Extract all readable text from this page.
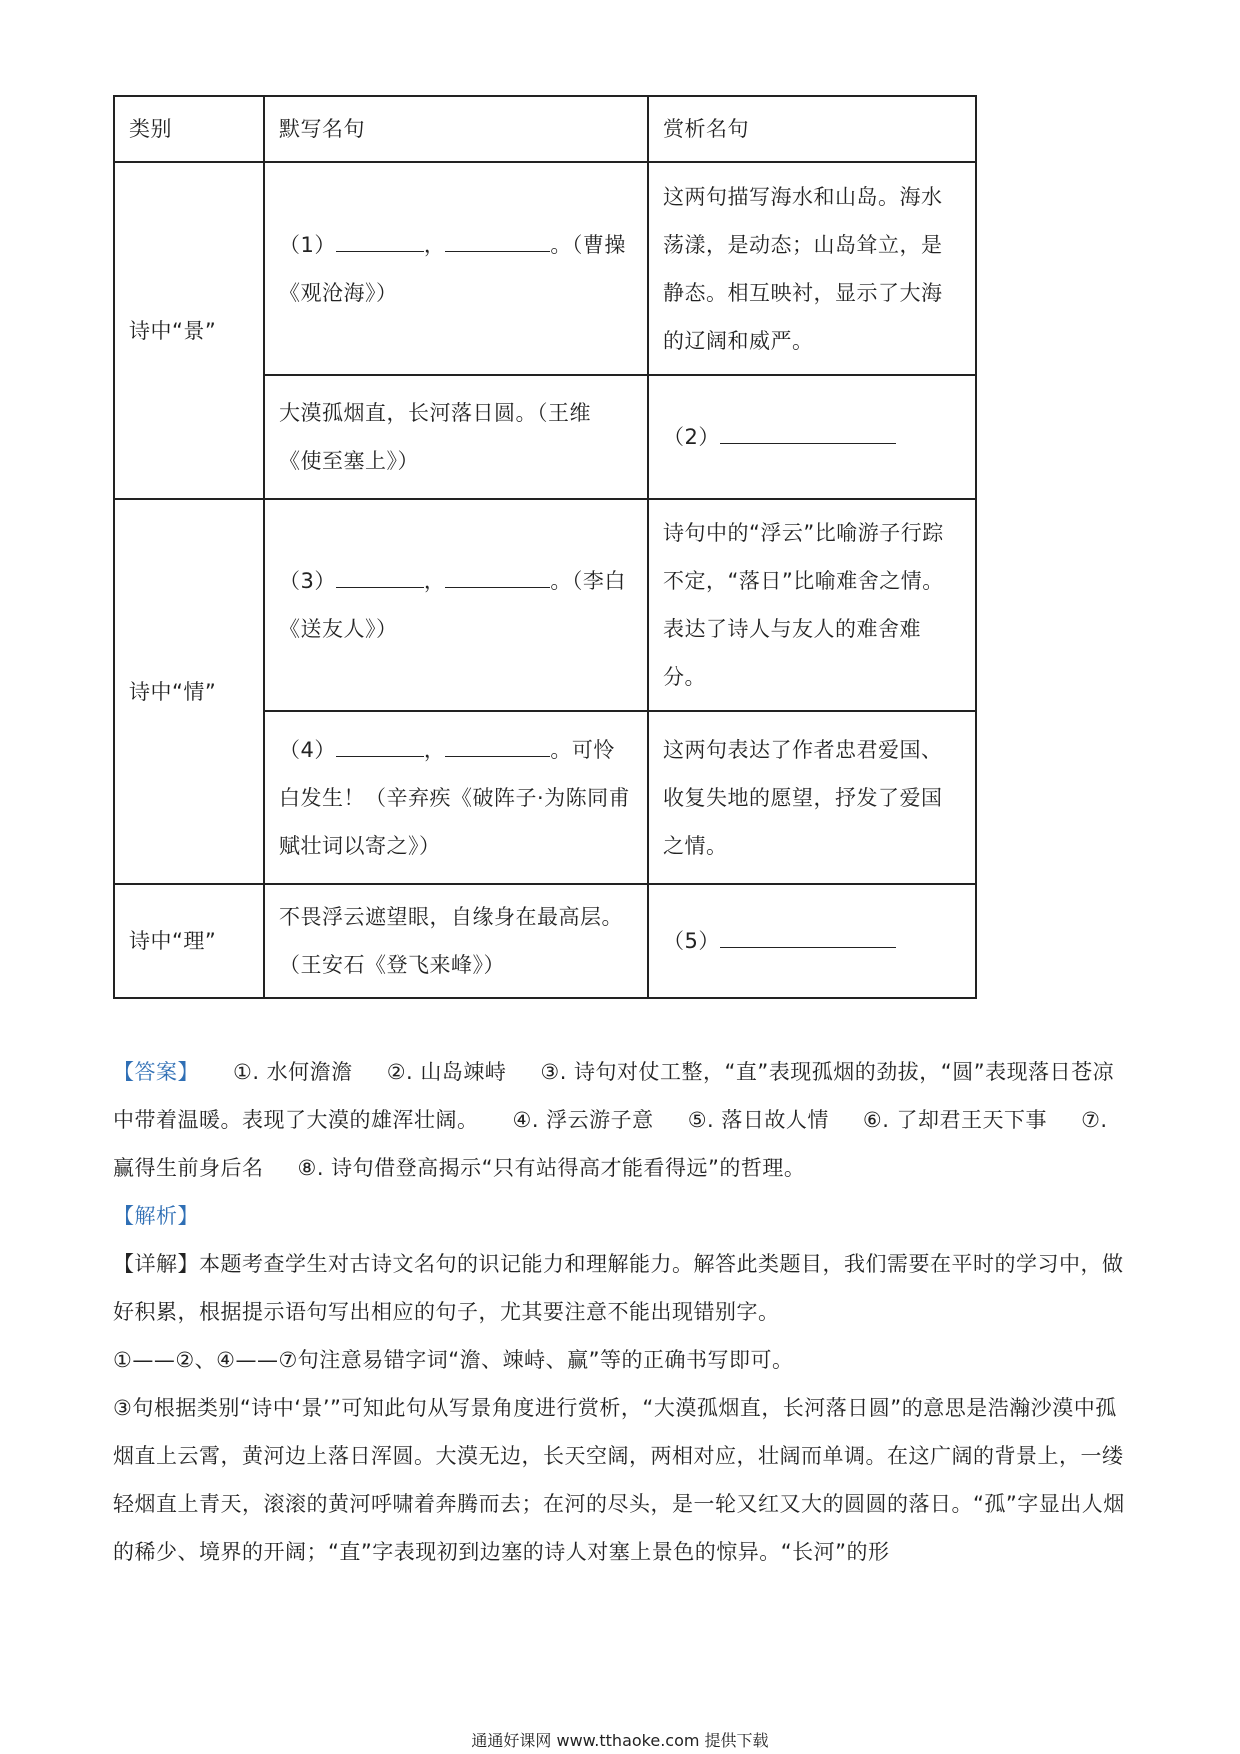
类别	默写名句	赏析名句
诗中“景”	（1） ， 。（曹操《观沧海》）	这两句描写海水和山岛。海水荡漾，是动态；山岛耸立，是静态。相互映衬，显示了大海的辽阔和威严。
	大漠孤烟直，长河落日圆。（王维《使至塞上》）	（2）
诗中“情”	（3） ， 。（李白《送友人》）	诗句中的“浮云”比喻游子行踪不定，“落日”比喻难舍之情。表达了诗人与友人的难舍难分。
	（4） ， 。可怜白发生！（辛弃疾《破阵子·为陈同甫赋壮词以寄之》）	这两句表达了作者忠君爱国、收复失地的愿望，抒发了爱国之情。
诗中“理”	不畏浮云遮望眼，自缘身在最高层。（王安石《登飞来峰》）	（5）

【答案】 ①. 水何澹澹 ②. 山岛竦峙 ③. 诗句对仗工整，“直”表现孤烟的劲拔，“圆”表现落日苍凉中带着温暖。表现了大漠的雄浑壮阔。 ④. 浮云游子意 ⑤. 落日故人情 ⑥. 了却君王天下事 ⑦. 赢得生前身后名 ⑧. 诗句借登高揭示“只有站得高才能看得远”的哲理。

【解析】

【详解】本题考查学生对古诗文名句的识记能力和理解能力。解答此类题目，我们需要在平时的学习中，做好积累，根据提示语句写出相应的句子，尤其要注意不能出现错别字。

①——②、④——⑦句注意易错字词“澹、竦峙、赢”等的正确书写即可。

③句根据类别“诗中‘景’”可知此句从写景角度进行赏析，“大漠孤烟直，长河落日圆”的意思是浩瀚沙漠中孤烟直上云霄，黄河边上落日浑圆。大漠无边，长天空阔，两相对应，壮阔而单调。在这广阔的背景上，一缕轻烟直上青天，滚滚的黄河呼啸着奔腾而去；在河的尽头，是一轮又红又大的圆圆的落日。“孤”字显出人烟的稀少、境界的开阔；“直”字表现初到边塞的诗人对塞上景色的惊异。“长河”的形

通通好课网 www.tthaoke.com 提供下载
